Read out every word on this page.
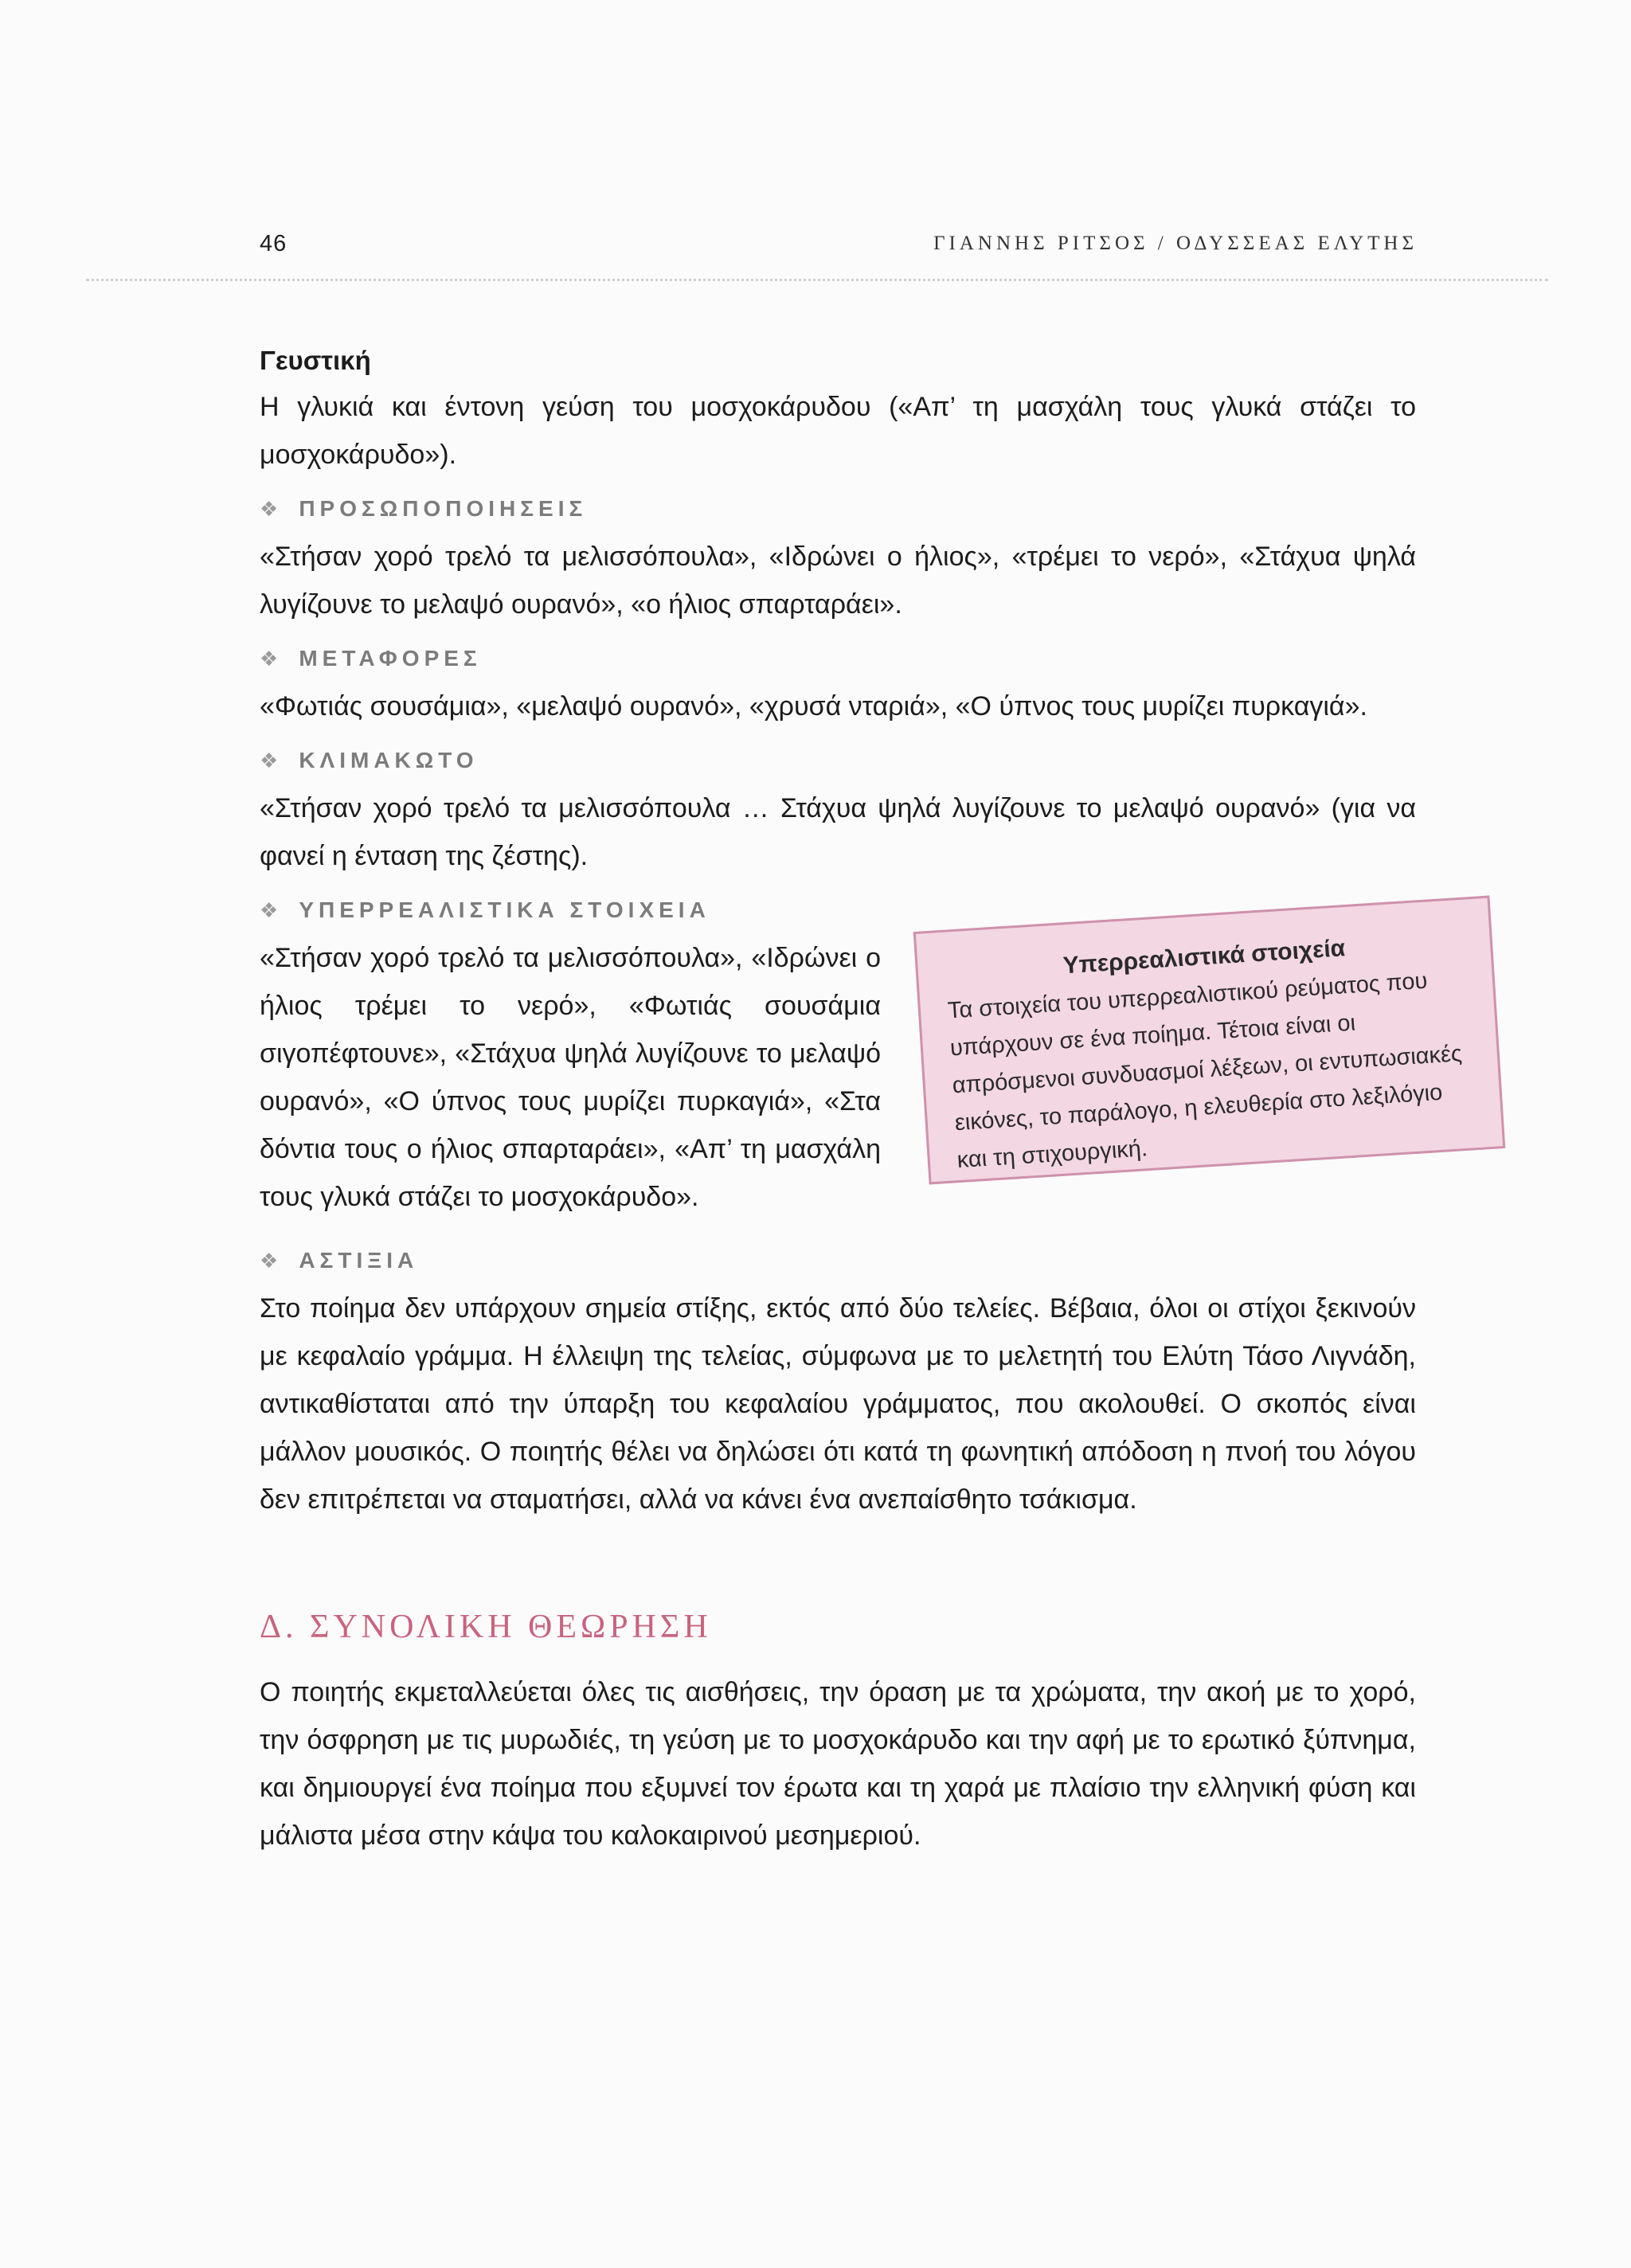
46	ΓΙΑΝΝΗΣ ΡΙΤΣΟΣ / ΟΔΥΣΣΕΑΣ ΕΛΥΤΗΣ
Γευστική

Η γλυκιά και έντονη γεύση του μοσχοκάρυδου («Απ’ τη μασχάλη τους γλυκά στάζει το μοσχοκάρυδο»).

❖ ΠΡΟΣΩΠΟΠΟΙΗΣΕΙΣ

«Στήσαν χορό τρελό τα μελισσόπουλα», «Ιδρώνει ο ήλιος», «τρέμει το νερό», «Στάχυα ψηλά λυγίζουνε το μελαψό ουρανό», «ο ήλιος σπαρταράει».

❖ ΜΕΤΑΦΟΡΕΣ

«Φωτιάς σουσάμια», «μελαψό ουρανό», «χρυσά νταριά», «Ο ύπνος τους μυρίζει πυρκαγιά».

❖ ΚΛΙΜΑΚΩΤΟ

«Στήσαν χορό τρελό τα μελισσόπουλα … Στάχυα ψηλά λυγίζουνε το μελαψό ουρανό» (για να φανεί η ένταση της ζέστης).

❖ ΥΠΕΡΡΕΑΛΙΣΤΙΚΑ ΣΤΟΙΧΕΙΑ

«Στήσαν χορό τρελό τα μελισσόπουλα», «Ιδρώνει ο ήλιος τρέμει το νερό», «Φωτιάς σουσάμια σιγοπέφτουνε», «Στάχυα ψηλά λυγίζουνε το μελαψό ουρανό», «Ο ύπνος τους μυρίζει πυρκαγιά», «Στα δόντια τους ο ήλιος σπαρταράει», «Απ’ τη μασχάλη τους γλυκά στάζει το μοσχοκάρυδο».

Υπερρεαλιστικά στοιχεία

Τα στοιχεία του υπερρεαλιστικού ρεύματος που υπάρχουν σε ένα ποίημα. Τέτοια είναι οι απρόσμενοι συνδυασμοί λέξεων, οι εντυπωσιακές εικόνες, το παράλογο, η ελευθερία στο λεξιλόγιο και τη στιχουργική.

❖ ΑΣΤΙΞΙΑ

Στο ποίημα δεν υπάρχουν σημεία στίξης, εκτός από δύο τελείες. Βέβαια, όλοι οι στίχοι ξεκινούν με κεφαλαίο γράμμα. Η έλλειψη της τελείας, σύμφωνα με το μελετητή του Ελύτη Τάσο Λιγνάδη, αντικαθίσταται από την ύπαρξη του κεφαλαίου γράμματος, που ακολουθεί. Ο σκοπός είναι μάλλον μουσικός. Ο ποιητής θέλει να δηλώσει ότι κατά τη φωνητική απόδοση η πνοή του λόγου δεν επιτρέπεται να σταματήσει, αλλά να κάνει ένα ανεπαίσθητο τσάκισμα.

Δ. ΣΥΝΟΛΙΚΗ ΘΕΩΡΗΣΗ

Ο ποιητής εκμεταλλεύεται όλες τις αισθήσεις, την όραση με τα χρώματα, την ακοή με το χορό, την όσφρηση με τις μυρωδιές, τη γεύση με το μοσχοκάρυδο και την αφή με το ερωτικό ξύπνημα, και δημιουργεί ένα ποίημα που εξυμνεί τον έρωτα και τη χαρά με πλαίσιο την ελληνική φύση και μάλιστα μέσα στην κάψα του καλοκαιρινού μεσημεριού.
